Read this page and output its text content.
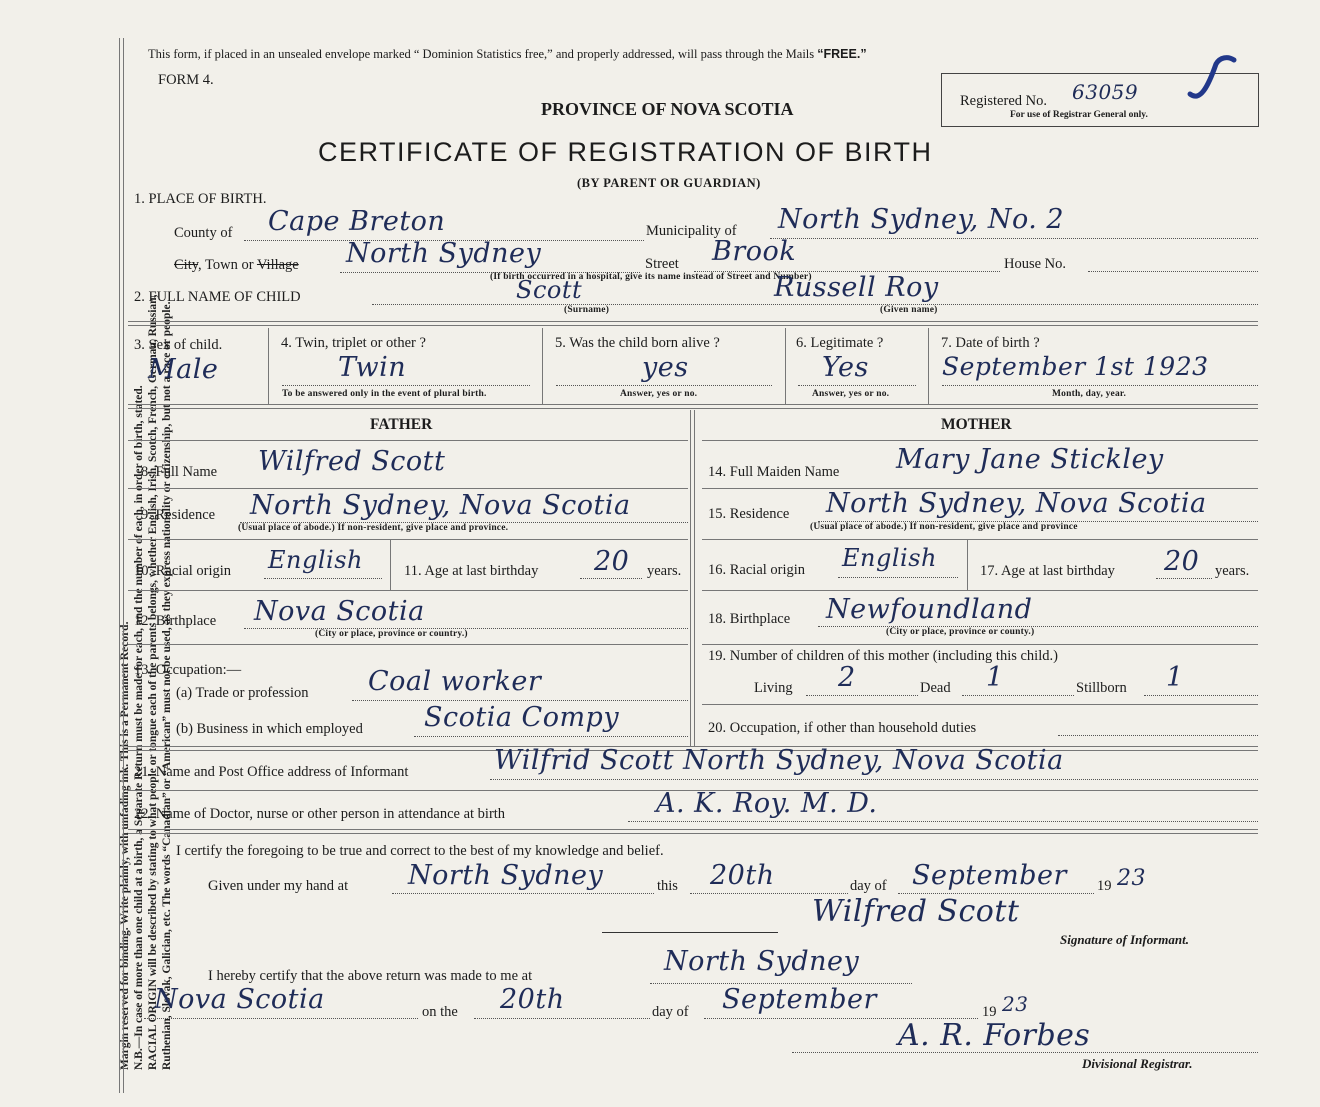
Margin reserved for binding. Write plainly, with unfading ink. This is a Permanent Record. N.B.—In case of more than one child at a birth, a Separate Return must be made for each, and the number of each, in order of birth, stated. RACIAL ORIGIN will be described by stating to what people or tongue each of the parents belongs, whether English, Irish, Scotch, French, German, Russian, Ruthenian, Slovak, Galician, etc. The words “Canadian” or “American” must not be used, as they express nationality or citizenship, but not a race or people.
This form, if placed in an unsealed envelope marked “ Dominion Statistics free,” and properly addressed, will pass through the Mails “FREE.”
FORM 4.
PROVINCE OF NOVA SCOTIA
CERTIFICATE OF REGISTRATION OF BIRTH
(BY PARENT OR GUARDIAN)
Registered No. 63059
For use of Registrar General only.
1. PLACE OF BIRTH.
County of Cape Breton	Municipality of North Sydney, No. 2
City, Town or Village North Sydney	Street Brook	House No.
(If birth occurred in a hospital, give its name instead of Street and Number)
2. FULL NAME OF CHILD	Scott
(Surname)
Russell Roy
(Given name)
3. Sex of child.
Male
4. Twin, triplet or other ?
Twin
To be answered only in the event of plural birth.
5. Was the child born alive ?
yes
Answer, yes or no.
6. Legitimate ?
Yes
Answer, yes or no.
7. Date of birth ?
September 1st 1923
Month, day, year.
FATHER	MOTHER
8. Full Name Wilfred Scott
9. Residence North Sydney, Nova Scotia
(Usual place of abode.) If non-resident, give place and province.
10. Racial origin English	11. Age at last birthday 20 years.
12. Birthplace Nova Scotia
(City or place, province or country.)
13. Occupation:—
(a) Trade or profession Coal worker
(b) Business in which employed Scotia Compy
14. Full Maiden Name Mary Jane Stickley
15. Residence North Sydney, Nova Scotia
(Usual place of abode.) If non-resident, give place and province
16. Racial origin English	17. Age at last birthday 20 years.
18. Birthplace Newfoundland
(City or place, province or county.)
19. Number of children of this mother (including this child.)
Living 2	Dead 1	Stillborn 1
20. Occupation, if other than household duties
21. Name and Post Office address of Informant	Wilfrid Scott North Sydney, Nova Scotia
22. Name of Doctor, nurse or other person in attendance at birth	A. K. Roy. M. D.
I certify the foregoing to be true and correct to the best of my knowledge and belief.
Given under my hand at North Sydney	this 20th	day of September 19 23
Wilfred Scott
Signature of Informant.
I hereby certify that the above return was made to me at	North Sydney
Nova Scotia	on the 20th	day of September	19 23
A. R. Forbes
Divisional Registrar.
